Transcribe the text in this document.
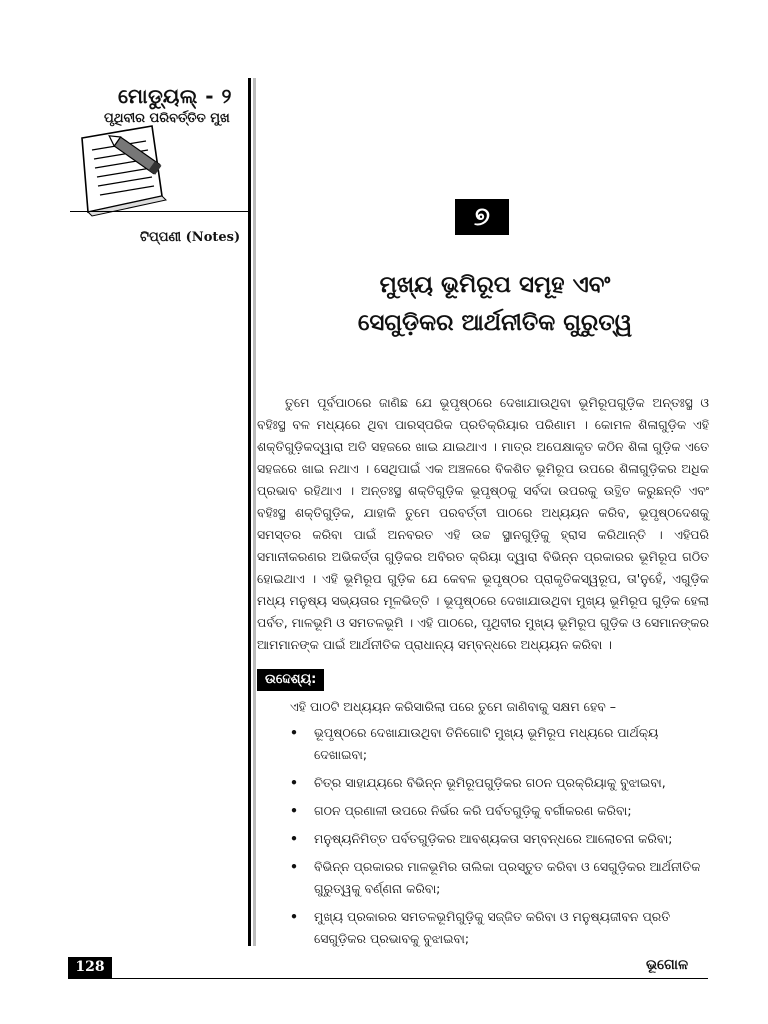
ମୋଡ୍ୟୁଲ୍ - ୨
ପୃଥିବୀର ପରିବର୍ତ୍ତିତ ମୁଖ
ଟିପ୍ପଣୀ (Notes)
୭
ମୁଖ୍ୟ ଭୂମିରୂପ ସମୂହ ଏବଂ
ସେଗୁଡ଼ିକର ଆର୍ଥନୀତିକ ଗୁରୁତ୍ୱ

ତୁମେ ପୂର୍ବପାଠରେ ଜାଣିଛ ଯେ ଭୂପୃଷ୍ଠରେ ଦେଖାଯାଉଥିବା ଭୂମିରୂପଗୁଡ଼ିକ ଅନ୍ତଃସ୍ଥ ଓ ବହିଃସ୍ଥ ବଳ ମଧ୍ୟରେ ଥିବା ପାରସ୍ପରିକ ପ୍ରତିକ୍ରିୟାର ପରିଣାମ । କୋମଳ ଶିଳାଗୁଡ଼ିକ ଏହି ଶକ୍ତିଗୁଡ଼ିକଦ୍ୱାରା ଅତି ସହଜରେ ଖାଇ ଯାଇଥାଏ । ମାତ୍ର ଅପେକ୍ଷାକୃତ କଠିନ ଶିଳା ଗୁଡ଼ିକ ଏତେ ସହଜରେ ଖାଇ ନଥାଏ । ସେଥିପାଇଁ ଏକ ଅଞ୍ଚଳରେ ବିକଶିତ ଭୂମିରୂପ ଉପରେ ଶିଳାଗୁଡ଼ିକର ଅଧିକ ପ୍ରଭାବ ରହିଥାଏ । ଅନ୍ତଃସ୍ଥ ଶକ୍ତିଗୁଡ଼ିକ ଭୂପୃଷ୍ଠକୁ ସର୍ବଦା ଉପରକୁ ଉତ୍ଥିତ କରୁଛନ୍ତି ଏବଂ ବହିଃସ୍ଥ ଶକ୍ତିଗୁଡ଼ିକ, ଯାହାକି ତୁମେ ପରବର୍ତ୍ତୀ ପାଠରେ ଅଧ୍ୟୟନ କରିବ, ଭୂପୃଷ୍ଠଦେଶକୁ ସମସ୍ତର କରିବା ପାଇଁ ଅନବରତ ଏହି ଉଚ୍ଚ ସ୍ଥାନଗୁଡ଼ିକୁ ହ୍ରାସ କରିଥାନ୍ତି । ଏହିପରି ସମାନୀକରଣର ଅଭିକର୍ତ୍ତା ଗୁଡ଼ିକର ଅବିରତ କ୍ରିୟା ଦ୍ୱାରା ବିଭିନ୍ନ ପ୍ରକାରର ଭୂମିରୂପ ଗଠିତ ହୋଇଥାଏ । ଏହି ଭୂମିରୂପ ଗୁଡ଼ିକ ଯେ କେବଳ ଭୂପୃଷ୍ଠର ପ୍ରାକୃତିକସ୍ୱରୂପ, ତା'ନୁହେଁ, ଏଗୁଡ଼ିକ ମଧ୍ୟ ମନୁଷ୍ୟ ସଭ୍ୟତାର ମୂଳଭିତ୍ତି । ଭୂପୃଷ୍ଠରେ ଦେଖାଯାଉଥିବା ମୁଖ୍ୟ ଭୂମିରୂପ ଗୁଡ଼ିକ ହେଲା ପର୍ବତ, ମାଳଭୂମି ଓ ସମତଳଭୂମି । ଏହି ପାଠରେ, ପୃଥିବୀର ମୁଖ୍ୟ ଭୂମିରୂପ ଗୁଡ଼ିକ ଓ ସେମାନଙ୍କର ଆମମାନଙ୍କ ପାଇଁ ଆର୍ଥନୀତିକ ପ୍ରାଧାନ୍ୟ ସମ୍ବନ୍ଧରେ ଅଧ୍ୟୟନ କରିବା ।

ଉଦ୍ଦେଶ୍ୟ:
ଏହି ପାଠଟି ଅଧ୍ୟୟନ କରିସାରିଲା ପରେ ତୁମେ ଜାଣିବାକୁ ସକ୍ଷମ ହେବ –
• ଭୂପୃଷ୍ଠରେ ଦେଖାଯାଉଥିବା ତିନିଗୋଟି ମୁଖ୍ୟ ଭୂମିରୂପ ମଧ୍ୟରେ ପାର୍ଥକ୍ୟ ଦେଖାଇବା;
• ଚିତ୍ର ସାହାଯ୍ୟରେ ବିଭିନ୍ନ ଭୂମିରୂପଗୁଡ଼ିକର ଗଠନ ପ୍ରକ୍ରିୟାକୁ ବୁଝାଇବା,
• ଗଠନ ପ୍ରଣାଳୀ ଉପରେ ନିର୍ଭର କରି ପର୍ବତଗୁଡ଼ିକୁ ବର୍ଗୀକରଣ କରିବା;
• ମନୁଷ୍ୟନିମିତ୍ତ ପର୍ବତଗୁଡ଼ିକର ଆବଶ୍ୟକତା ସମ୍ବନ୍ଧରେ ଆଲୋଚନା କରିବା;
• ବିଭିନ୍ନ ପ୍ରକାରର ମାଳଭୂମିର ତାଲିକା ପ୍ରସ୍ତୁତ କରିବା ଓ ସେଗୁଡ଼ିକର ଆର୍ଥନୀତିକ ଗୁରୁତ୍ୱକୁ ବର୍ଣ୍ଣନା କରିବା;
• ମୁଖ୍ୟ ପ୍ରକାରର ସମତଳଭୂମିଗୁଡ଼ିକୁ ସଜ୍ଜିତ କରିବା ଓ ମନୁଷ୍ୟଜୀବନ ପ୍ରତି ସେଗୁଡ଼ିକର ପ୍ରଭାବକୁ ବୁଝାଇବା;
128	ଭୂଗୋଳ
